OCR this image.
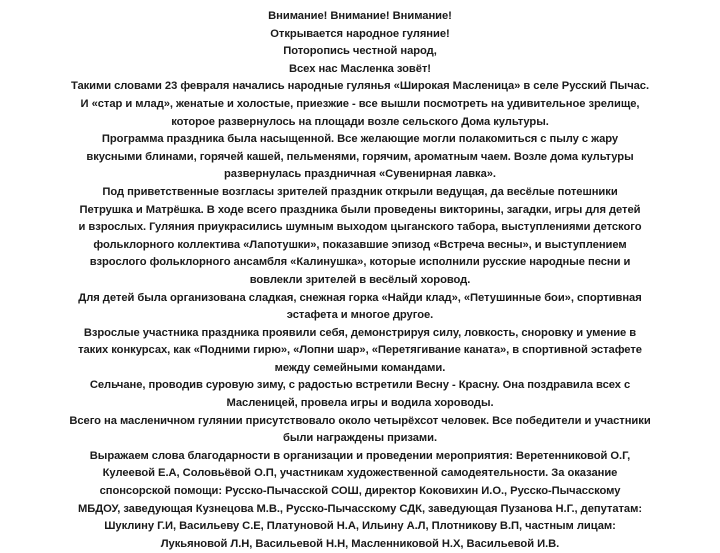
Внимание! Внимание! Внимание!
Открывается народное гуляние!
Поторопись честной народ,
Всех нас Масленка зовёт!
Такими словами 23 февраля начались народные гулянья «Широкая Масленица» в селе Русский Пычас.
И «стар и млад», женатые и холостые, приезжие - все вышли посмотреть на удивительное зрелище,
которое развернулось на площади возле сельского Дома культуры.
Программа праздника была насыщенной. Все желающие могли полакомиться с пылу с жару
вкусными блинами, горячей кашей, пельменями, горячим, ароматным чаем. Возле дома культуры
развернулась праздничная «Сувенирная лавка».
Под приветственные возгласы зрителей праздник открыли ведущая, да весёлые потешники
Петрушка и Матрёшка. В ходе всего праздника были проведены викторины, загадки, игры для детей
и взрослых. Гуляния приукрасились шумным выходом цыганского табора, выступлениями детского
фольклорного коллектива «Лапотушки», показавшие эпизод «Встреча весны», и выступлением
взрослого фольклорного ансамбля «Калинушка», которые исполнили русские народные песни и
вовлекли зрителей в весёлый хоровод.
Для детей была организована сладкая, снежная горка «Найди клад», «Петушинные бои», спортивная
эстафета и многое другое.
Взрослые участника праздника проявили себя, демонстрируя силу, ловкость, сноровку и умение в
таких конкурсах, как «Подними гирю», «Лопни шар», «Перетягивание каната», в спортивной эстафете
между семейными командами.
Сельчане, проводив суровую зиму, с радостью встретили Весну - Красну. Она поздравила всех с
Масленицей, провела игры и водила хороводы.
Всего на масленичном гулянии присутствовало около четырёхсот человек. Все победители и участники
были награждены призами.
Выражаем слова благодарности в организации и проведении мероприятия: Веретенниковой О.Г,
Кулеевой Е.А, Соловьёвой О.П, участникам художественной самодеятельности. За оказание
спонсорской помощи: Русско-Пычасской СОШ, директор Коковихин И.О., Русско-Пычасскому
МБДОУ, заведующая Кузнецова М.В., Русско-Пычасскому СДК, заведующая Пузанова Н.Г., депутатам:
Шуклину Г.И, Васильеву С.Е, Платуновой Н.А, Ильину А.Л, Плотникову В.П, частным лицам:
Лукьяновой Л.Н, Васильевой Н.Н, Масленниковой Н.Х, Васильевой И.В.
